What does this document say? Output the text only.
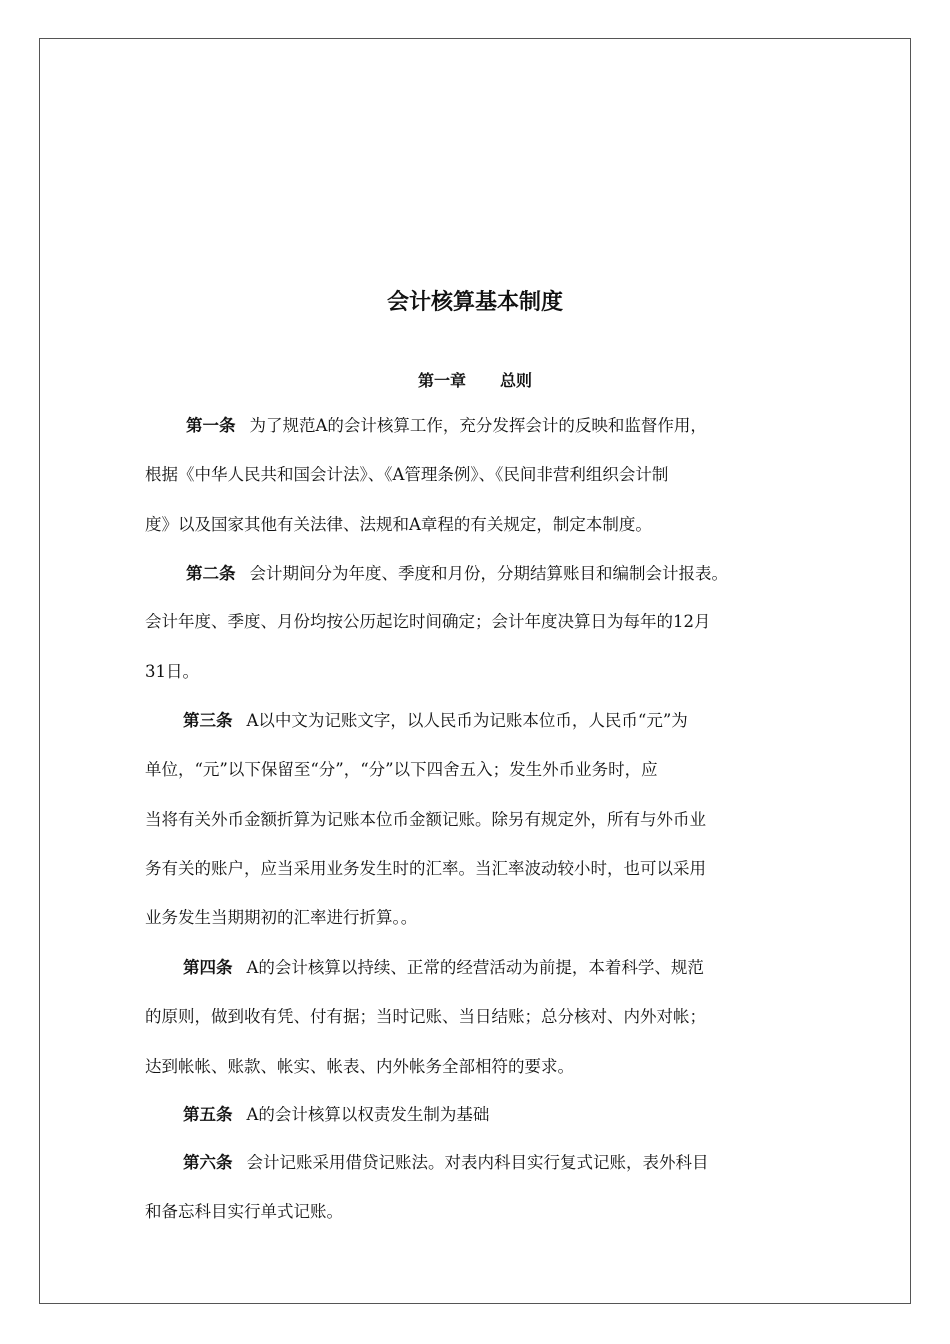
会计核算基本制度
第一章 总则
第一条 为了规范A的会计核算工作，充分发挥会计的反映和监督作用，
根据《中华人民共和国会计法》、《A管理条例》、《民间非营利组织会计制
度》以及国家其他有关法律、法规和A章程的有关规定，制定本制度。
第二条 会计期间分为年度、季度和月份，分期结算账目和编制会计报表。
会计年度、季度、月份均按公历起讫时间确定；会计年度决算日为每年的12月
31日。
第三条 A以中文为记账文字，以人民币为记账本位币，人民币“元”为
单位，“元”以下保留至“分”，“分”以下四舍五入；发生外币业务时，应
当将有关外币金额折算为记账本位币金额记账。除另有规定外，所有与外币业
务有关的账户，应当采用业务发生时的汇率。当汇率波动较小时，也可以采用
业务发生当期期初的汇率进行折算。。
第四条 A的会计核算以持续、正常的经营活动为前提，本着科学、规范
的原则，做到收有凭、付有据；当时记账、当日结账；总分核对、内外对帐；
达到帐帐、账款、帐实、帐表、内外帐务全部相符的要求。
第五条 A的会计核算以权责发生制为基础
第六条 会计记账采用借贷记账法。对表内科目实行复式记账，表外科目
和备忘科目实行单式记账。
